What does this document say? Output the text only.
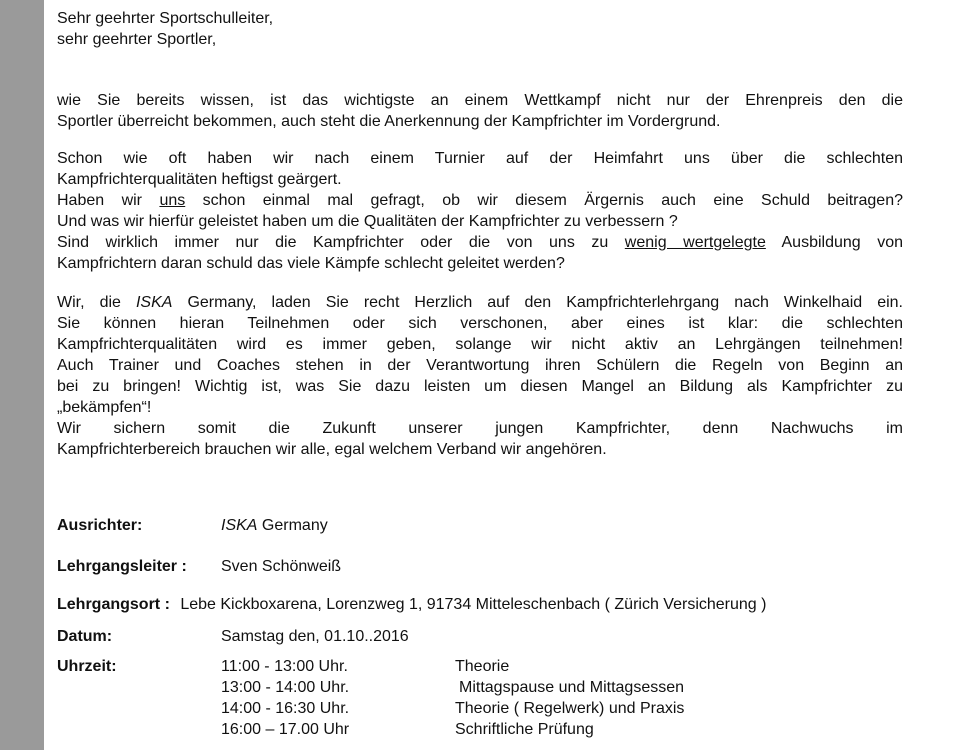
Sehr geehrter Sportschulleiter,
sehr geehrter Sportler,
wie Sie bereits wissen, ist das wichtigste an einem Wettkampf nicht nur der Ehrenpreis den die
Sportler überreicht bekommen, auch steht die Anerkennung der Kampfrichter im Vordergrund.
Schon wie oft haben wir nach einem Turnier auf der Heimfahrt uns über die schlechten
Kampfrichterqualitäten heftigst geärgert.
Haben wir uns schon einmal mal gefragt, ob wir diesem Ärgernis auch eine Schuld beitragen?
Und was wir hierfür geleistet haben um die Qualitäten der Kampfrichter zu verbessern ?
Sind wirklich immer nur die Kampfrichter oder die von uns zu wenig wertgelegte Ausbildung von
Kampfrichtern daran schuld das viele Kämpfe schlecht geleitet werden?
Wir, die ISKA Germany, laden Sie recht Herzlich auf den Kampfrichterlehrgang nach Winkelhaid ein.
Sie können hieran Teilnehmen oder sich verschonen, aber eines ist klar: die schlechten
Kampfrichterqualitäten wird es immer geben, solange wir nicht aktiv an Lehrgängen teilnehmen!
Auch Trainer und Coaches stehen in der Verantwortung ihren Schülern die Regeln von Beginn an
bei zu bringen! Wichtig ist, was Sie dazu leisten um diesen Mangel an Bildung als Kampfrichter zu
„bekämpfen“!
Wir sichern somit die Zukunft unserer jungen Kampfrichter, denn Nachwuchs im
Kampfrichterbereich brauchen wir alle, egal welchem Verband wir angehören.
Ausrichter:	ISKA Germany
Lehrgangsleiter : Sven Schönweiß
Lehrgangsort : Lebe Kickboxarena, Lorenzweg 1, 91734 Mitteleschenbach ( Zürich Versicherung )
Datum:	Samstag den, 01.10..2016
Uhrzeit:	11:00 - 13:00 Uhr.	Theorie
13:00 - 14:00 Uhr.	Mittagspause und Mittagsessen
14:00 - 16:30 Uhr.	Theorie ( Regelwerk) und Praxis
16:00 – 17.00 Uhr	Schriftliche Prüfung
